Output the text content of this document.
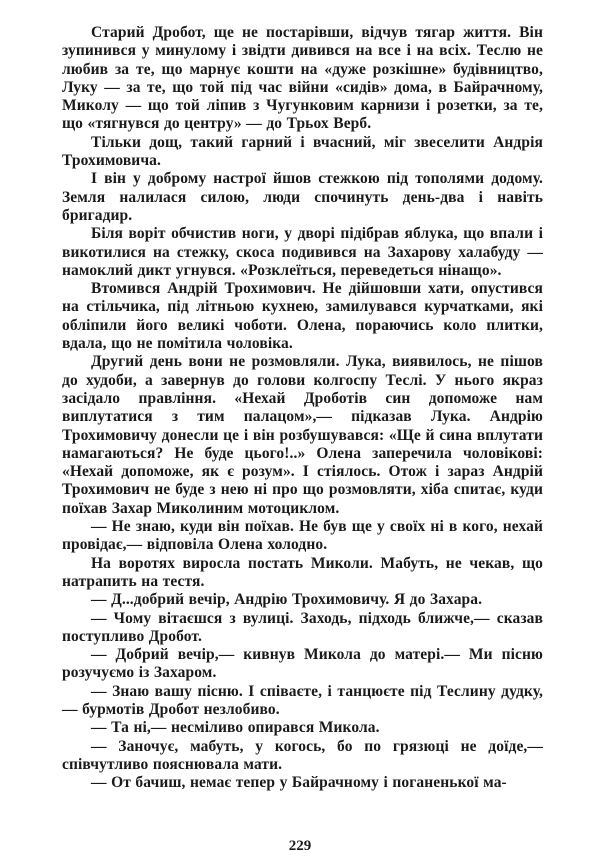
Старий Дробот, ще не постарівши, відчув тягар життя. Він зупинився у минулому і звідти дивився на все і на всіх. Теслю не любив за те, що марнує кошти на «дуже розкішне» будівництво, Луку — за те, що той під час війни «сидів» дома, в Байрачному, Миколу — що той ліпив з Чугунковим карнизи і розетки, за те, що «тягнувся до центру» — до Трьох Верб.

Тільки дощ, такий гарний і вчасний, міг звеселити Андрія Трохимовича.

І він у доброму настрої йшов стежкою під тополями додому. Земля налилася силою, люди спочинуть день-два і навіть бригадир.

Біля воріт обчистив ноги, у дворі підібрав яблука, що впали і викотилися на стежку, скоса подивився на Захарову халабуду — намоклий дикт угнувся. «Розклеїться, переведеться нінащо».

Втомився Андрій Трохимович. Не дійшовши хати, опустився на стільчика, під літньою кухнею, замилувався курчатками, які обліпили його великі чоботи. Олена, пораючись коло плитки, вдала, що не помітила чоловіка.

Другий день вони не розмовляли. Лука, виявилось, не пішов до худоби, а завернув до голови колгоспу Теслі. У нього якраз засідало правління. «Нехай Дроботів син допоможе нам виплутатися з тим палацом»,— підказав Лука. Андрію Трохимовичу донесли це і він розбушувався: «Ще й сина вплутати намагаються? Не буде цього!..» Олена заперечила чоловікові: «Нехай допоможе, як є розум». І стіялось. Отож і зараз Андрій Трохимович не буде з нею ні про що розмовляти, хіба спитає, куди поїхав Захар Миколиним мотоциклом.

— Не знаю, куди він поїхав. Не був ще у своїх ні в кого, нехай провідає,— відповіла Олена холодно.

На воротях виросла постать Миколи. Мабуть, не чекав, що натрапить на тестя.

— Д...добрий вечір, Андрію Трохимовичу. Я до Захара.

— Чому вітаєшся з вулиці. Заходь, підходь ближче,— сказав поступливо Дробот.

— Добрий вечір,— кивнув Микола до матері.— Ми пісню розучуємо із Захаром.

— Знаю вашу пісню. І співаєте, і танцюєте під Теслину дудку,— бурмотів Дробот незлобиво.

— Та ні,— несміливо опирався Микола.

— Заночує, мабуть, у когось, бо по грязюці не доїде,— співчутливо пояснювала мати.

— От бачиш, немає тепер у Байрачному і поганенької ма-

229
